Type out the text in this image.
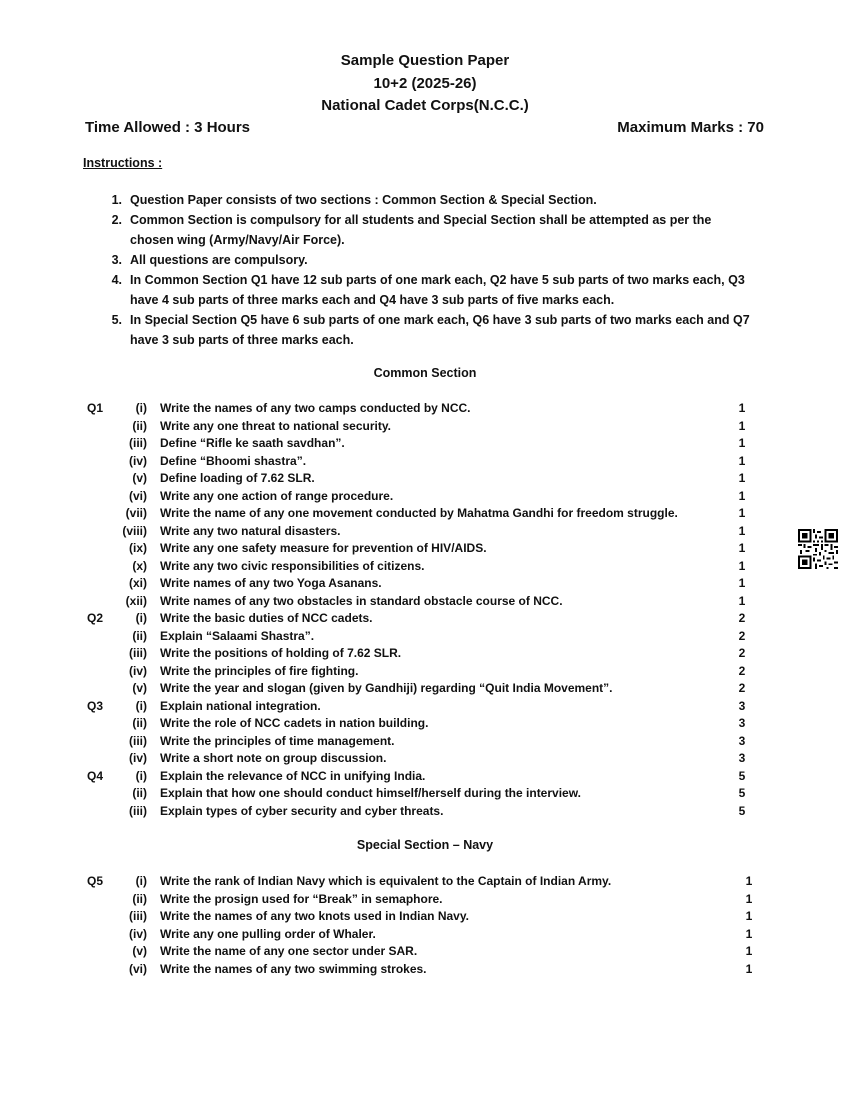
Sample Question Paper
10+2 (2025-26)
National Cadet Corps(N.C.C.)
Time Allowed : 3 Hours	Maximum Marks : 70
Instructions :
1. Question Paper consists of two sections : Common Section & Special Section.
2. Common Section is compulsory for all students and Special Section shall be attempted as per the chosen wing (Army/Navy/Air Force).
3. All questions are compulsory.
4. In Common Section Q1 have 12 sub parts of one mark each, Q2 have 5 sub parts of two marks each, Q3 have 4 sub parts of three marks each and Q4 have 3 sub parts of five marks each.
5. In Special Section Q5 have 6 sub parts of one mark each, Q6 have 3 sub parts of two marks each and Q7 have 3 sub parts of three marks each.
Common Section
Q1	(i)	Write the names of any two camps conducted by NCC.	1
(ii)	Write any one threat to national security.	1
(iii)	Define “Rifle ke saath savdhan”.	1
(iv)	Define “Bhoomi shastra”.	1
(v)	Define loading of 7.62 SLR.	1
(vi)	Write any one action of range procedure.	1
(vii)	Write the name of any one movement conducted by Mahatma Gandhi for freedom struggle.	1
(viii)	Write any two natural disasters.	1
(ix)	Write any one safety measure for prevention of HIV/AIDS.	1
(x)	Write any two civic responsibilities of citizens.	1
(xi)	Write names of any two Yoga Asanans.	1
(xii)	Write names of any two obstacles in standard obstacle course of NCC.	1
Q2	(i)	Write the basic duties of NCC cadets.	2
(ii)	Explain “Salaami Shastra”.	2
(iii)	Write the positions of holding of 7.62 SLR.	2
(iv)	Write the principles of fire fighting.	2
(v)	Write the year and slogan (given by Gandhiji) regarding “Quit India Movement”.	2
Q3	(i)	Explain national integration.	3
(ii)	Write the role of NCC cadets in nation building.	3
(iii)	Write the principles of time management.	3
(iv)	Write a short note on group discussion.	3
Q4	(i)	Explain the relevance of NCC in unifying India.	5
(ii)	Explain that how one should conduct himself/herself during the interview.	5
(iii)	Explain types of cyber security and cyber threats.	5
Special Section – Navy
Q5	(i)	Write the rank of Indian Navy which is equivalent to the Captain of Indian Army.	1
(ii)	Write the prosign used for “Break” in semaphore.	1
(iii)	Write the names of any two knots used in Indian Navy.	1
(iv)	Write any one pulling order of Whaler.	1
(v)	Write the name of any one sector under SAR.	1
(vi)	Write the names of any two swimming strokes.	1
